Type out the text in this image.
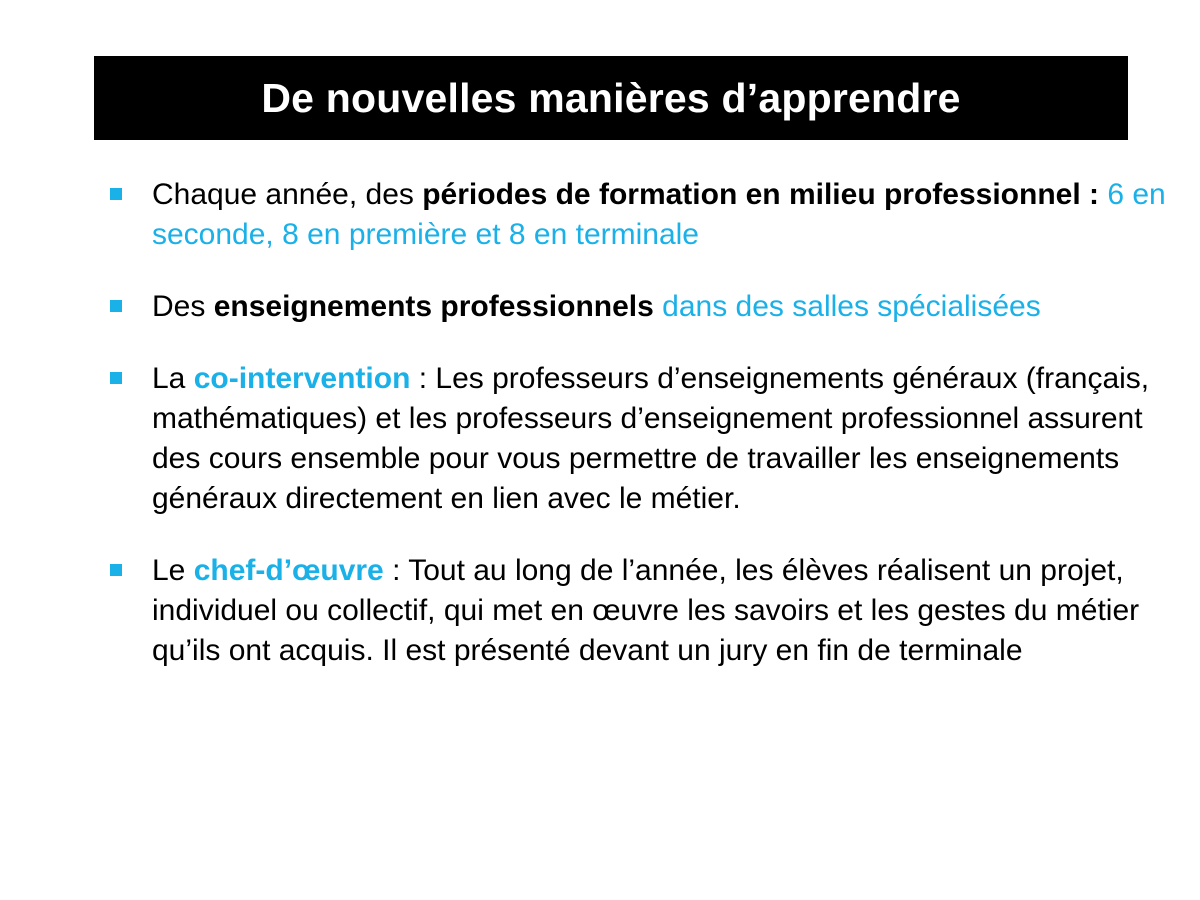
De nouvelles manières d’apprendre
Chaque année, des périodes de formation en milieu professionnel : 6 en seconde, 8 en première et 8 en terminale
Des enseignements professionnels dans des salles spécialisées
La co-intervention : Les professeurs d’enseignements généraux (français, mathématiques) et les professeurs d’enseignement professionnel assurent des cours ensemble pour vous permettre de travailler les enseignements généraux directement en lien avec le métier.
Le chef-d’œuvre : Tout au long de l’année, les élèves réalisent un projet, individuel ou collectif, qui met en œuvre les savoirs et les gestes du métier qu’ils ont acquis. Il est présenté devant un jury en fin de terminale
